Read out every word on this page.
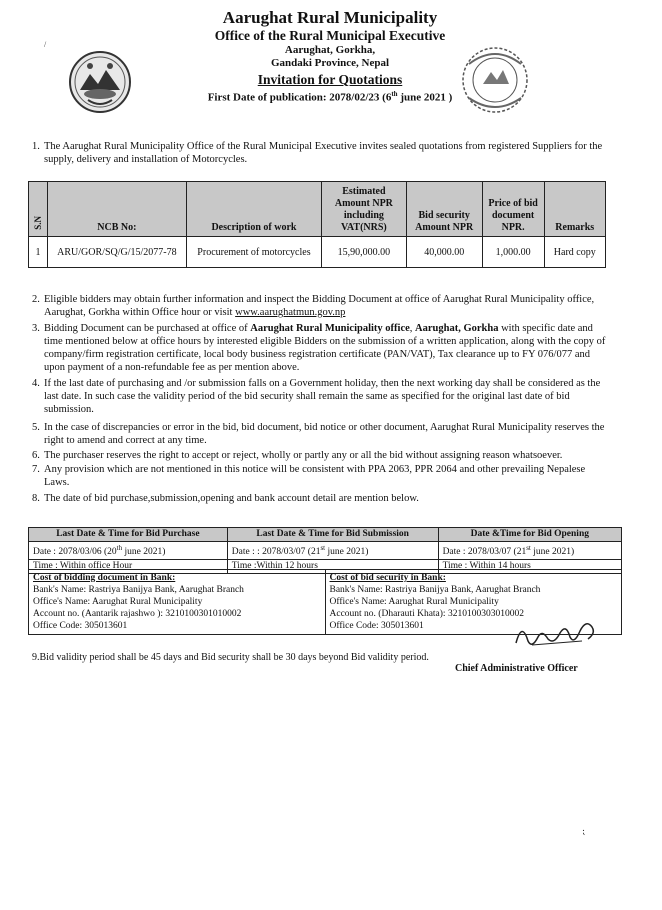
/
Aarughat Rural Municipality
Office of the Rural Municipal Executive
Aarughat, Gorkha,
Gandaki Province, Nepal
Invitation for Quotations
First Date of publication: 2078/02/23 (6th june 2021 )
1. The Aarughat Rural Municipality Office of the Rural Municipal Executive invites sealed quotations from registered Suppliers for the supply, delivery and installation of Motorcycles.
S.N	NCB No:	Description of work	Estimated Amount NPR including VAT(NRS)	Bid security Amount NPR	Price of bid document NPR.	Remarks
1	ARU/GOR/SQ/G/15/2077-78	Procurement of motorcycles	15,90,000.00	40,000.00	1,000.00	Hard copy
2. Eligible bidders may obtain further information and inspect the Bidding Document at office of Aarughat Rural Municipality office, Aarughat, Gorkha within Office hour or visit www.aarughatmun.gov.np
3. Bidding Document can be purchased at office of Aarughat Rural Municipality office, Aarughat, Gorkha with specific date and time mentioned below at office hours by interested eligible Bidders on the submission of a written application, along with the copy of company/firm registration certificate, local body business registration certificate (PAN/VAT), Tax clearance up to FY 076/077 and upon payment of a non-refundable fee as per mention above.
4. If the last date of purchasing and /or submission falls on a Government holiday, then the next working day shall be considered as the last date. In such case the validity period of the bid security shall remain the same as specified for the original last date of bid submission.
5. In the case of discrepancies or error in the bid, bid document, bid notice or other document, Aarughat Rural Municipality reserves the right to amend and correct at any time.
6. The purchaser reserves the right to accept or reject, wholly or partly any or all the bid without assigning reason whatsoever.
7. Any provision which are not mentioned in this notice will be consistent with PPA 2063, PPR 2064 and other prevailing Nepalese Laws.
8. The date of bid purchase,submission,opening and bank account detail are mention below.
Last Date & Time for Bid Purchase	Last Date & Time for Bid Submission	Date &Time for Bid Opening
Date : 2078/03/06 (20th june 2021)	Date : : 2078/03/07 (21st june 2021)	Date : 2078/03/07 (21st june 2021)
Time : Within office Hour	Time :Within 12 hours	Time : Within 14 hours
Cost of bidding document in Bank:
Bank's Name: Rastriya Banijya Bank, Aarughat Branch
Office's Name: Aarughat Rural Municipality
Account no. (Aantarik rajashwo ): 3210100301010002
Office Code: 305013601

Cost of bid security in Bank:
Bank's Name: Rastriya Banijya Bank, Aarughat Branch
Office's Name: Aarughat Rural Municipality
Account no. (Dharauti Khata): 3210100303010002
Office Code: 305013601
9.Bid validity period shall be 45 days and Bid security shall be 30 days beyond Bid validity period.
Chief Administrative Officer
⁏
